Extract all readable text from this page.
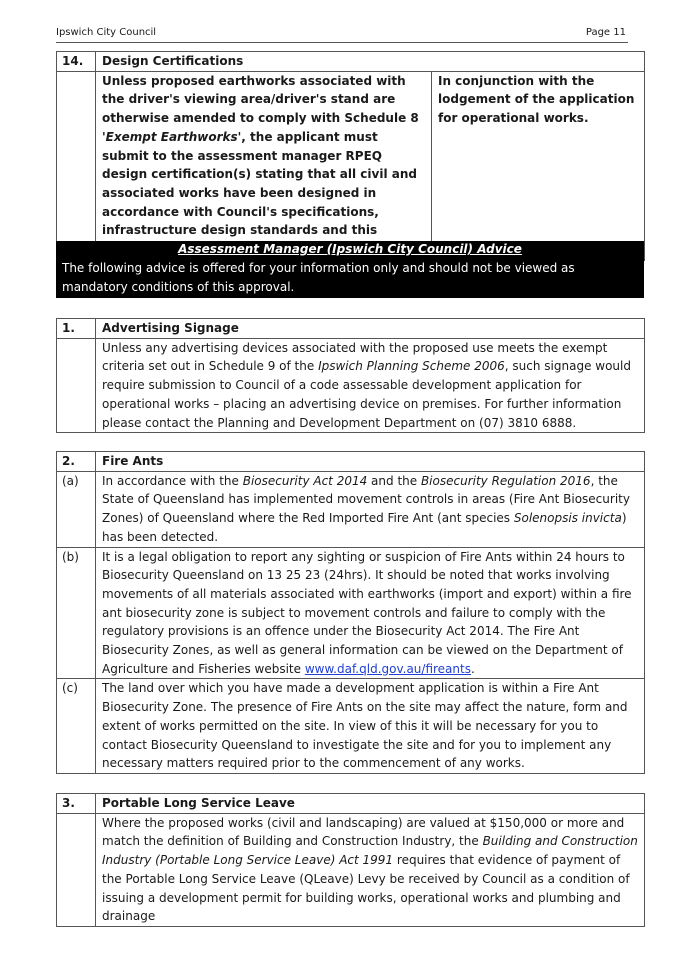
Ipswich City Council	Page 11
14.	Design Certifications	
	Unless proposed earthworks associated with the driver's viewing area/driver's stand are otherwise amended to comply with Schedule 8 'Exempt Earthworks', the applicant must submit to the assessment manager RPEQ design certification(s) stating that all civil and associated works have been designed in accordance with Council's specifications, infrastructure design standards and this	In conjunction with the lodgement of the application for operational works.
Assessment Manager (Ipswich City Council) Advice
The following advice is offered for your information only and should not be viewed as mandatory conditions of this approval.
1.	Advertising Signage
	Unless any advertising devices associated with the proposed use meets the exempt criteria set out in Schedule 9 of the Ipswich Planning Scheme 2006, such signage would require submission to Council of a code assessable development application for operational works – placing an advertising device on premises. For further information please contact the Planning and Development Department on (07) 3810 6888.
2.	Fire Ants
(a)	In accordance with the Biosecurity Act 2014 and the Biosecurity Regulation 2016, the State of Queensland has implemented movement controls in areas (Fire Ant Biosecurity Zones) of Queensland where the Red Imported Fire Ant (ant species Solenopsis invicta) has been detected.
(b)	It is a legal obligation to report any sighting or suspicion of Fire Ants within 24 hours to Biosecurity Queensland on 13 25 23 (24hrs). It should be noted that works involving movements of all materials associated with earthworks (import and export) within a fire ant biosecurity zone is subject to movement controls and failure to comply with the regulatory provisions is an offence under the Biosecurity Act 2014. The Fire Ant Biosecurity Zones, as well as general information can be viewed on the Department of Agriculture and Fisheries website www.daf.qld.gov.au/fireants.
(c)	The land over which you have made a development application is within a Fire Ant Biosecurity Zone. The presence of Fire Ants on the site may affect the nature, form and extent of works permitted on the site. In view of this it will be necessary for you to contact Biosecurity Queensland to investigate the site and for you to implement any necessary matters required prior to the commencement of any works.
3.	Portable Long Service Leave
	Where the proposed works (civil and landscaping) are valued at $150,000 or more and match the definition of Building and Construction Industry, the Building and Construction Industry (Portable Long Service Leave) Act 1991 requires that evidence of payment of the Portable Long Service Leave (QLeave) Levy be received by Council as a condition of issuing a development permit for building works, operational works and plumbing and drainage
